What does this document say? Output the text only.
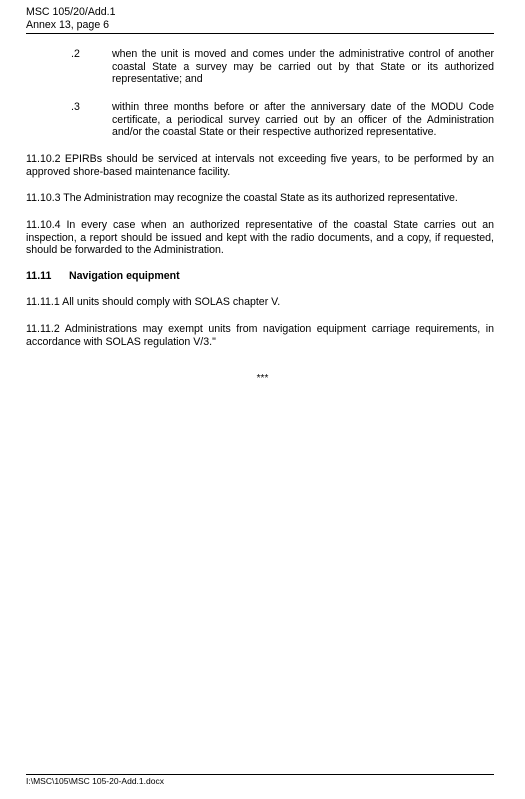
MSC 105/20/Add.1
Annex 13, page 6
.2	when the unit is moved and comes under the administrative control of another coastal State a survey may be carried out by that State or its authorized representative; and
.3	within three months before or after the anniversary date of the MODU Code certificate, a periodical survey carried out by an officer of the Administration and/or the coastal State or their respective authorized representative.
11.10.2 EPIRBs should be serviced at intervals not exceeding five years, to be performed by an approved shore-based maintenance facility.
11.10.3 The Administration may recognize the coastal State as its authorized representative.
11.10.4 In every case when an authorized representative of the coastal State carries out an inspection, a report should be issued and kept with the radio documents, and a copy, if requested, should be forwarded to the Administration.
11.11 Navigation equipment
11.11.1 All units should comply with SOLAS chapter V.
11.11.2 Administrations may exempt units from navigation equipment carriage requirements, in accordance with SOLAS regulation V/3."
***
I:\MSC\105\MSC 105-20-Add.1.docx
